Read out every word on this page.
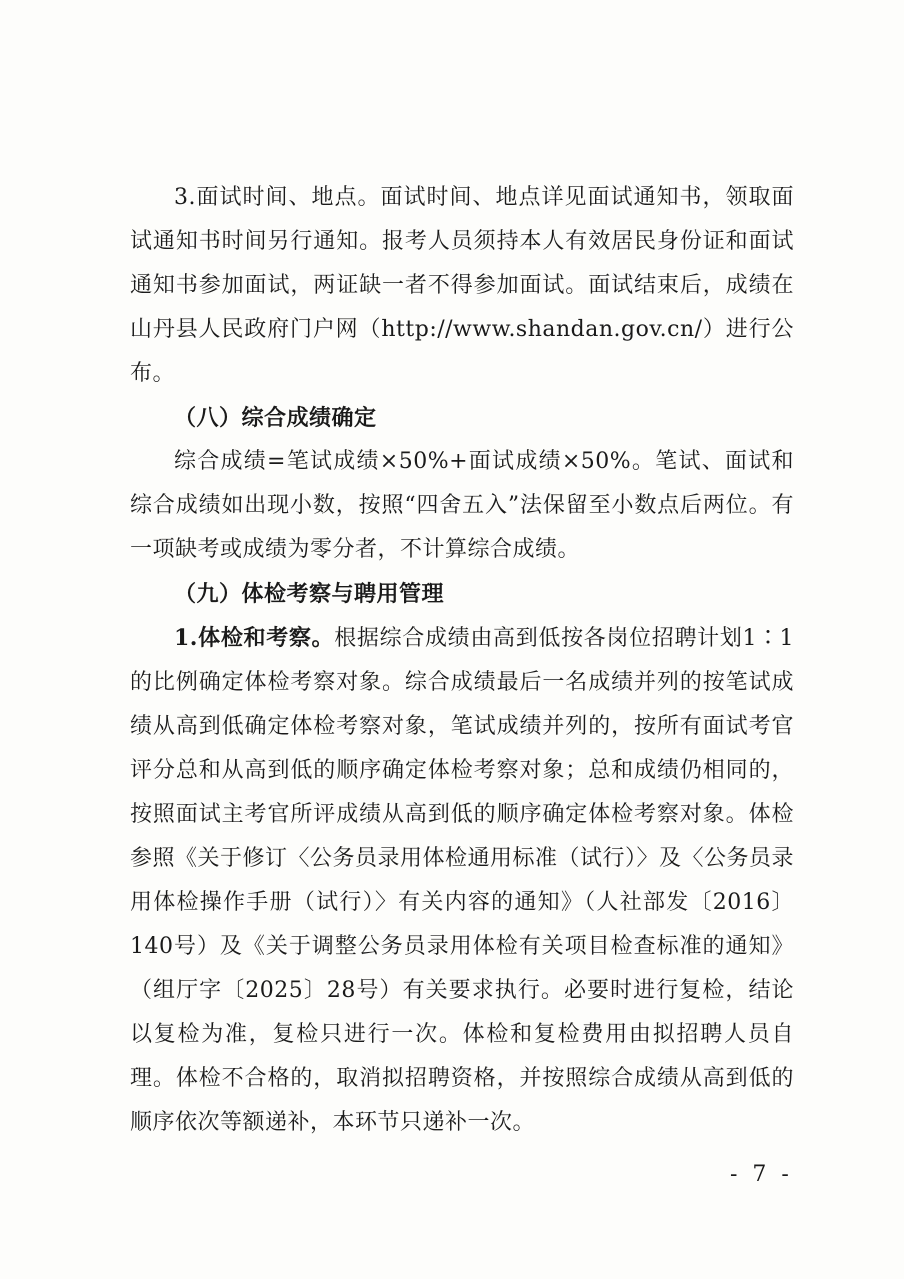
3.面试时间、地点。面试时间、地点详见面试通知书，领取面试通知书时间另行通知。报考人员须持本人有效居民身份证和面试通知书参加面试，两证缺一者不得参加面试。面试结束后，成绩在山丹县人民政府门户网（http://www.shandan.gov.cn/）进行公布。

（八）综合成绩确定

综合成绩=笔试成绩×50%+面试成绩×50%。笔试、面试和综合成绩如出现小数，按照“四舍五入”法保留至小数点后两位。有一项缺考或成绩为零分者，不计算综合成绩。

（九）体检考察与聘用管理

1.体检和考察。根据综合成绩由高到低按各岗位招聘计划1∶1的比例确定体检考察对象。综合成绩最后一名成绩并列的按笔试成绩从高到低确定体检考察对象，笔试成绩并列的，按所有面试考官评分总和从高到低的顺序确定体检考察对象；总和成绩仍相同的，按照面试主考官所评成绩从高到低的顺序确定体检考察对象。体检参照《关于修订〈公务员录用体检通用标准（试行）〉及〈公务员录用体检操作手册（试行）〉有关内容的通知》（人社部发〔2016〕140号）及《关于调整公务员录用体检有关项目检查标准的通知》（组厅字〔2025〕28号）有关要求执行。必要时进行复检，结论以复检为准，复检只进行一次。体检和复检费用由拟招聘人员自理。体检不合格的，取消拟招聘资格，并按照综合成绩从高到低的顺序依次等额递补，本环节只递补一次。

- 7 -
